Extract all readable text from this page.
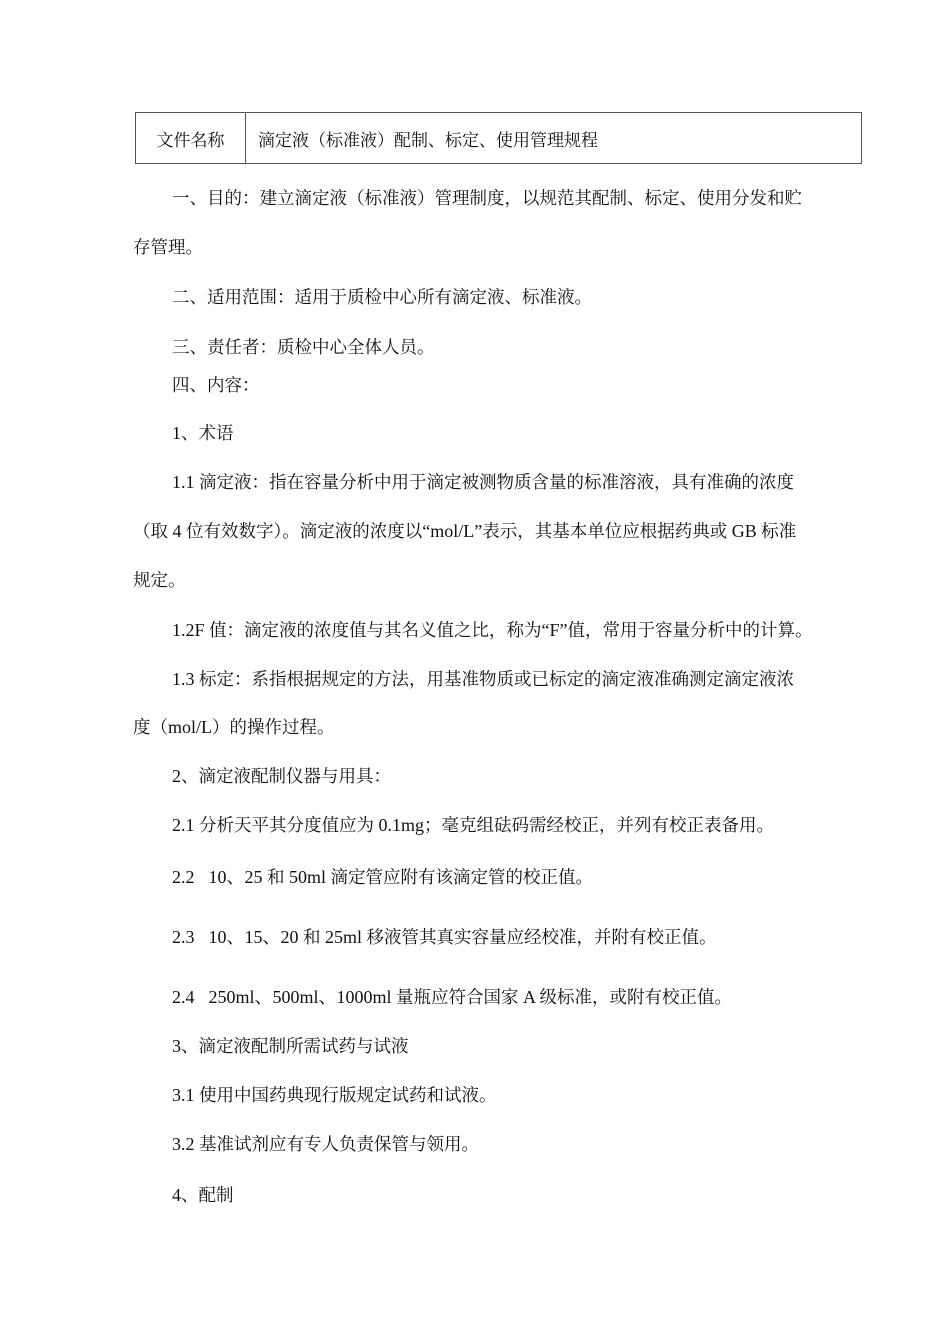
文件名称	滴定液（标准液）配制、标定、使用管理规程
一、目的：建立滴定液（标准液）管理制度，以规范其配制、标定、使用分发和贮
存管理。
二、适用范围：适用于质检中心所有滴定液、标准液。
三、责任者：质检中心全体人员。
四、内容：
1、术语
1.1 滴定液：指在容量分析中用于滴定被测物质含量的标准溶液，具有准确的浓度
（取 4 位有效数字）。滴定液的浓度以“mol/L”表示，其基本单位应根据药典或 GB 标准
规定。
1.2F 值：滴定液的浓度值与其名义值之比，称为“F”值，常用于容量分析中的计算。
1.3 标定：系指根据规定的方法，用基准物质或已标定的滴定液准确测定滴定液浓
度（mol/L）的操作过程。
2、滴定液配制仪器与用具：
2.1 分析天平其分度值应为 0.1mg；毫克组砝码需经校正，并列有校正表备用。
2.2 10、25 和 50ml 滴定管应附有该滴定管的校正值。
2.3 10、15、20 和 25ml 移液管其真实容量应经校准，并附有校正值。
2.4 250ml、500ml、1000ml 量瓶应符合国家 A 级标准，或附有校正值。
3、滴定液配制所需试药与试液
3.1 使用中国药典现行版规定试药和试液。
3.2 基准试剂应有专人负责保管与领用。
4、配制
